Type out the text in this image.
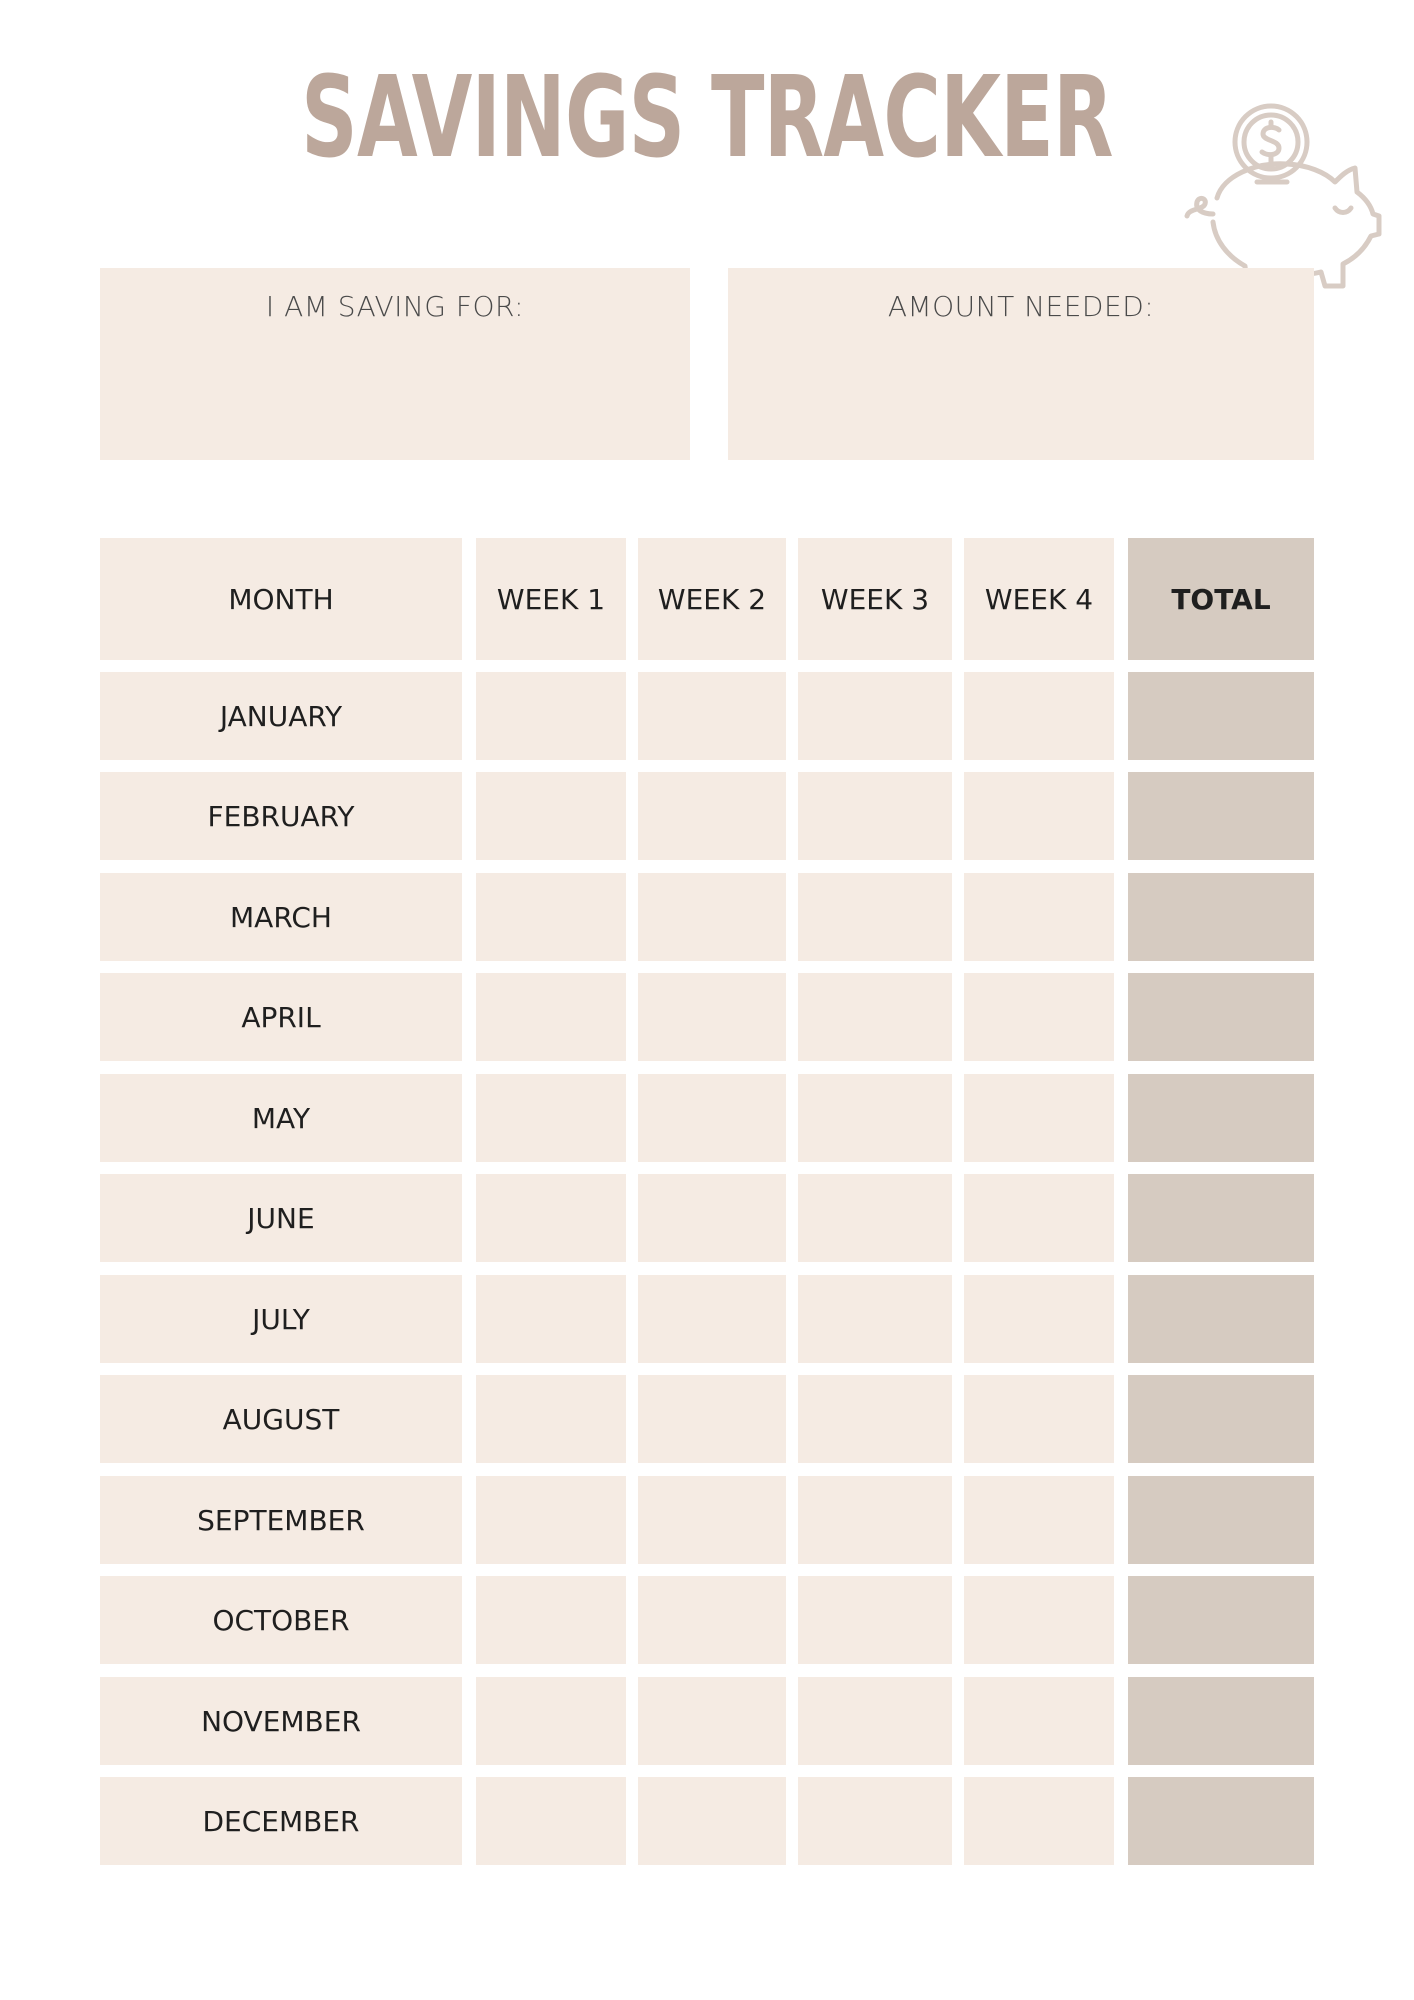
SAVINGS TRACKER
I AM SAVING FOR:	AMOUNT NEEDED:
MONTH	WEEK 1	WEEK 2	WEEK 3	WEEK 4	TOTAL
JANUARY
FEBRUARY
MARCH
APRIL
MAY
JUNE
JULY
AUGUST
SEPTEMBER
OCTOBER
NOVEMBER
DECEMBER
